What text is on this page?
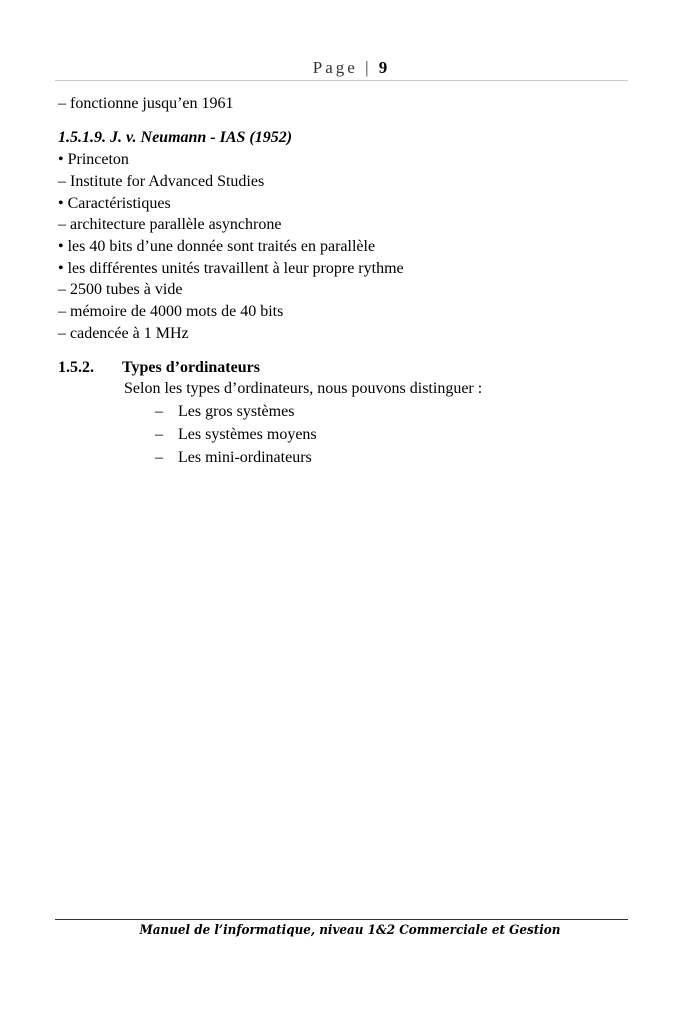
Page | 9
– fonctionne jusqu’en 1961
1.5.1.9. J. v. Neumann - IAS (1952)
• Princeton
– Institute for Advanced Studies
• Caractéristiques
– architecture parallèle asynchrone
• les 40 bits d’une donnée sont traités en parallèle
• les différentes unités travaillent à leur propre rythme
– 2500 tubes à vide
– mémoire de 4000 mots de 40 bits
– cadencée à 1 MHz
1.5.2. Types d’ordinateurs
Selon les types d’ordinateurs, nous pouvons distinguer :
– Les gros systèmes
– Les systèmes moyens
– Les mini-ordinateurs
Manuel de l’informatique, niveau 1&2 Commerciale et Gestion
